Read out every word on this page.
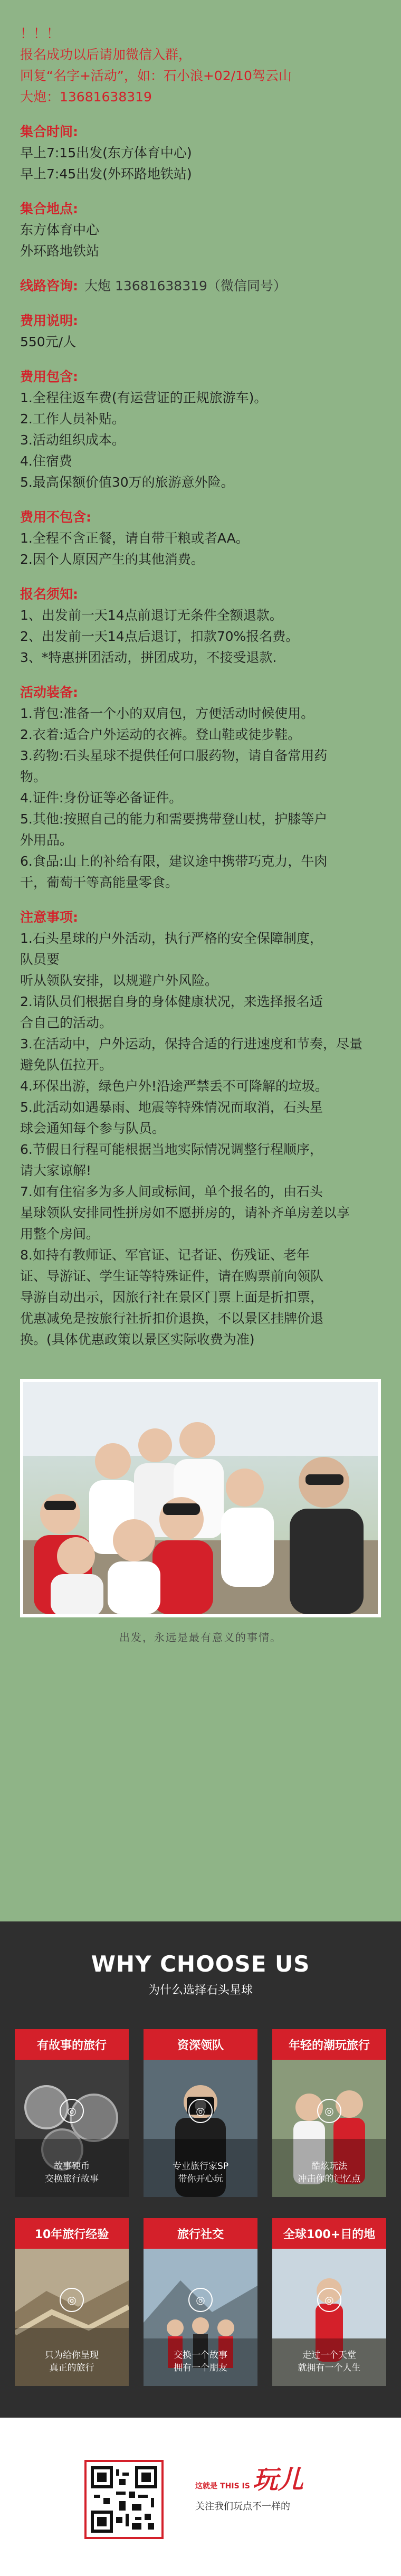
！！！
报名成功以后请加微信入群，
回复“名字+活动”，如：石小浪+02/10驾云山
大炮：13681638319
集合时间:
早上7:15出发(东方体育中心)
早上7:45出发(外环路地铁站)
集合地点:
东方体育中心
外环路地铁站
线路咨询: 大炮 13681638319（微信同号）
费用说明:
550元/人
费用包含:
1.全程往返车费(有运营证的正规旅游车)。
2.工作人员补贴。
3.活动组织成本。
4.住宿费
5.最高保额价值30万的旅游意外险。
费用不包含:
1.全程不含正餐，请自带干粮或者AA。
2.因个人原因产生的其他消费。
报名须知:
1、出发前一天14点前退订无条件全额退款。
2、出发前一天14点后退订，扣款70%报名费。
3、*特惠拼团活动，拼团成功，不接受退款.
活动装备:
1.背包:准备一个小的双肩包，方便活动时候使用。
2.衣着:适合户外运动的衣裤。登山鞋或徒步鞋。
3.药物:石头星球不提供任何口服药物，请自备常用药
物。
4.证件:身份证等必备证件。
5.其他:按照自己的能力和需要携带登山杖，护膝等户
外用品。
6.食品:山上的补给有限，建议途中携带巧克力，牛肉
干，葡萄干等高能量零食。
注意事项:
1.石头星球的户外活动，执行严格的安全保障制度，
队员要
听从领队安排，以规避户外风险。
2.请队员们根据自身的身体健康状况，来选择报名适
合自己的活动。
3.在活动中，户外运动，保持合适的行进速度和节奏，尽量
避免队伍拉开。
4.环保出游，绿色户外!沿途严禁丢不可降解的垃圾。
5.此活动如遇暴雨、地震等特殊情况而取消，石头星
球会通知每个参与队员。
6.节假日行程可能根据当地实际情况调整行程顺序，
请大家谅解!
7.如有住宿多为多人间或标间，单个报名的，由石头
星球领队安排同性拼房如不愿拼房的，请补齐单房差以享
用整个房间。
8.如持有教师证、军官证、记者证、伤残证、老年
证、导游证、学生证等特殊证件，请在购票前向领队
导游自动出示，因旅行社在景区门票上面是折扣票，
优惠减免是按旅行社折扣价退换，不以景区挂牌价退
换。(具体优惠政策以景区实际收费为准)
出发，永远是最有意义的事情。
WHY CHOOSE US
为什么选择石头星球
有故事的旅行
◎
故事硬币
交换旅行故事
资深领队
◎
专业旅行家SP
带你开心玩
年轻的潮玩旅行
◎
酷炫玩法
冲击你的记忆点
10年旅行经验
◎
只为给你呈现
真正的旅行
旅行社交
◎
交换一个故事
拥有一个朋友
全球100+目的地
◎
走过一个天堂
就拥有一个人生
这就是 THIS IS 玩儿
关注我们玩点不一样的
